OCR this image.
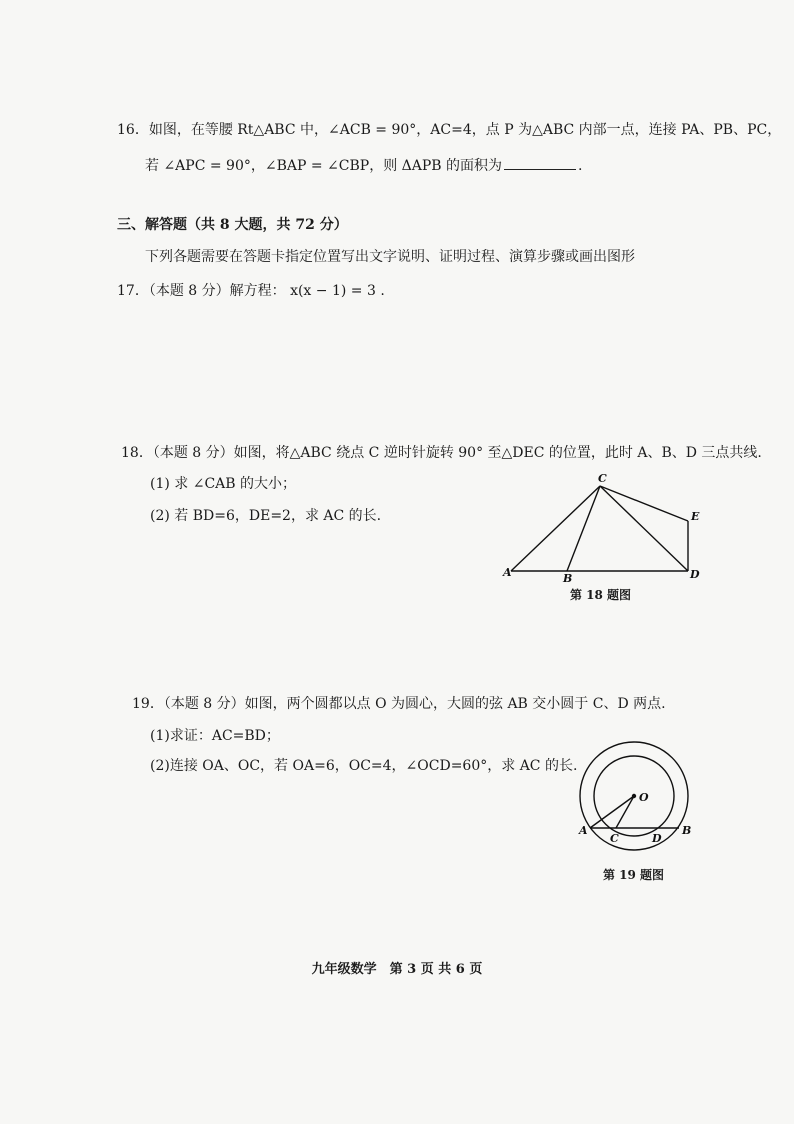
16．如图，在等腰 Rt△ABC 中，∠ACB = 90°，AC=4，点 P 为△ABC 内部一点，连接 PA、PB、PC，
若 ∠APC = 90°，∠BAP = ∠CBP，则 ΔAPB 的面积为	.
三、解答题（共 8 大题，共 72 分）
下列各题需要在答题卡指定位置写出文字说明、证明过程、演算步骤或画出图形
17．（本题 8 分）解方程： x(x − 1) = 3 .
18．（本题 8 分）如图，将△ABC 绕点 C 逆时针旋转 90° 至△DEC 的位置，此时 A、B、D 三点共线.
(1) 求 ∠CAB 的大小；
(2) 若 BD=6，DE=2，求 AC 的长.
C
A	B	D
E
第 18 题图
19．（本题 8 分）如图，两个圆都以点 O 为圆心，大圆的弦 AB 交小圆于 C、D 两点.
(1)求证：AC=BD；
(2)连接 OA、OC，若 OA=6，OC=4，∠OCD=60°，求 AC 的长.
O
A
C	D
B
第 19 题图
九年级数学　第 3 页 共 6 页
